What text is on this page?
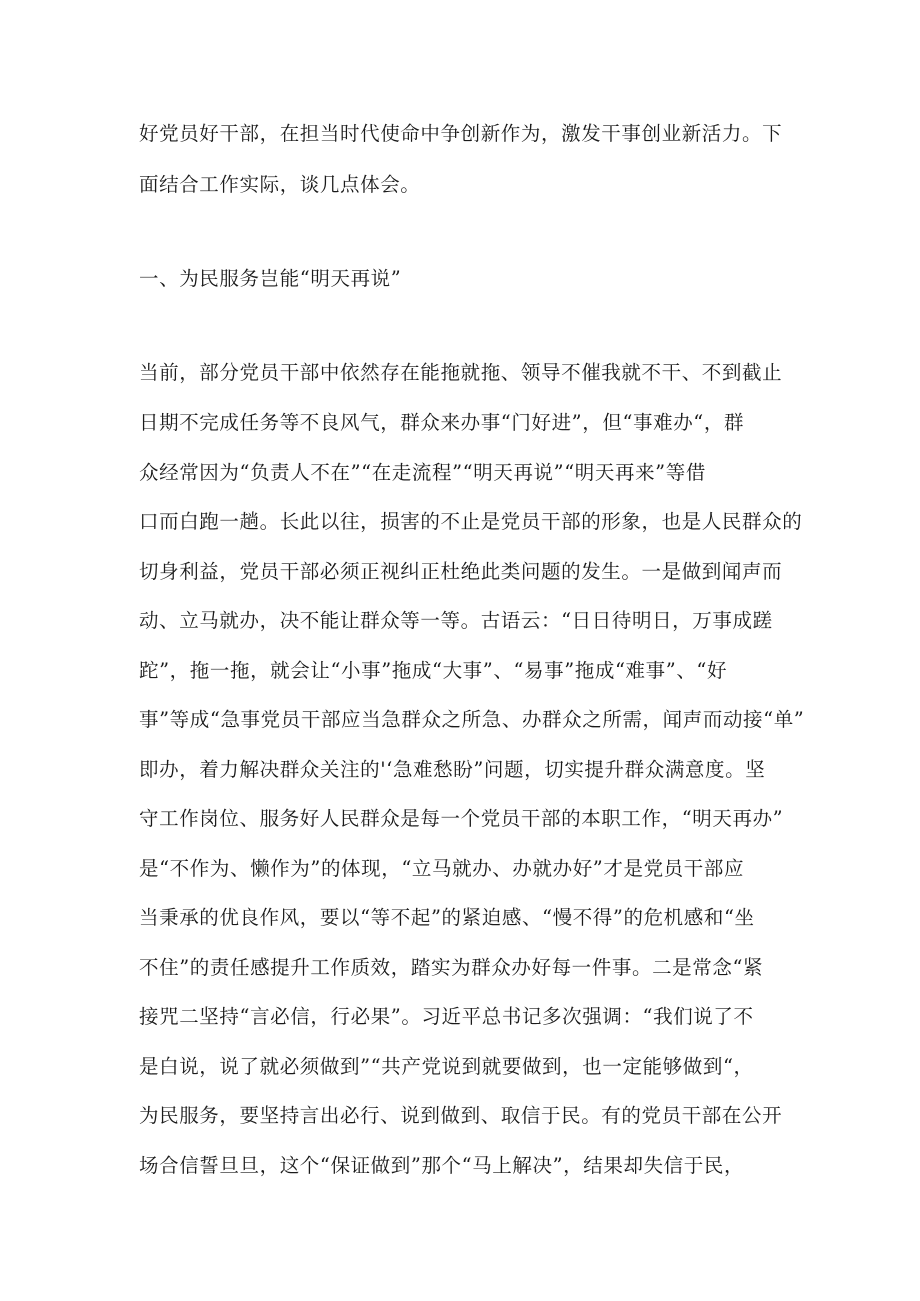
好党员好干部，在担当时代使命中争创新作为，激发干事创业新活力。下
面结合工作实际，谈几点体会。
一、为民服务岂能“明天再说”
当前，部分党员干部中依然存在能拖就拖、领导不催我就不干、不到截止
日期不完成任务等不良风气，群众来办事“门好进”，但“事难办“，群
众经常因为“负责人不在”“在走流程”“明天再说”“明天再来”等借
口而白跑一趟。长此以往，损害的不止是党员干部的形象，也是人民群众的
切身利益，党员干部必须正视纠正杜绝此类问题的发生。一是做到闻声而
动、立马就办，决不能让群众等一等。古语云：“日日待明日，万事成蹉
跎”，拖一拖，就会让“小事”拖成“大事”、“易事”拖成“难事”、“好
事”等成“急事党员干部应当急群众之所急、办群众之所需，闻声而动接“单”
即办，着力解决群众关注的'‘急难愁盼”问题，切实提升群众满意度。坚
守工作岗位、服务好人民群众是每一个党员干部的本职工作，“明天再办”
是“不作为、懒作为”的体现，“立马就办、办就办好”才是党员干部应
当秉承的优良作风，要以“等不起”的紧迫感、“慢不得”的危机感和“坐
不住”的责任感提升工作质效，踏实为群众办好每一件事。二是常念“紧
接咒二坚持“言必信，行必果”。习近平总书记多次强调：“我们说了不
是白说，说了就必须做到”“共产党说到就要做到，也一定能够做到“，
为民服务，要坚持言出必行、说到做到、取信于民。有的党员干部在公开
场合信誓旦旦，这个“保证做到”那个“马上解决”，结果却失信于民，
